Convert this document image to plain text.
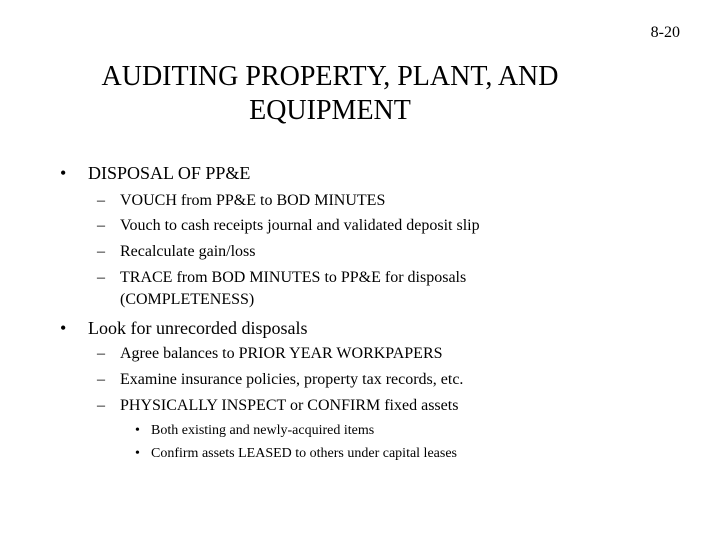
8-20
AUDITING PROPERTY, PLANT, AND
EQUIPMENT
• DISPOSAL OF PP&E
– VOUCH from PP&E to BOD MINUTES
– Vouch to cash receipts journal and validated deposit slip
– Recalculate gain/loss
– TRACE from BOD MINUTES to PP&E for disposals
(COMPLETENESS)
• Look for unrecorded disposals
– Agree balances to PRIOR YEAR WORKPAPERS
– Examine insurance policies, property tax records, etc.
– PHYSICALLY INSPECT or CONFIRM fixed assets
• Both existing and newly-acquired items
• Confirm assets LEASED to others under capital leases
